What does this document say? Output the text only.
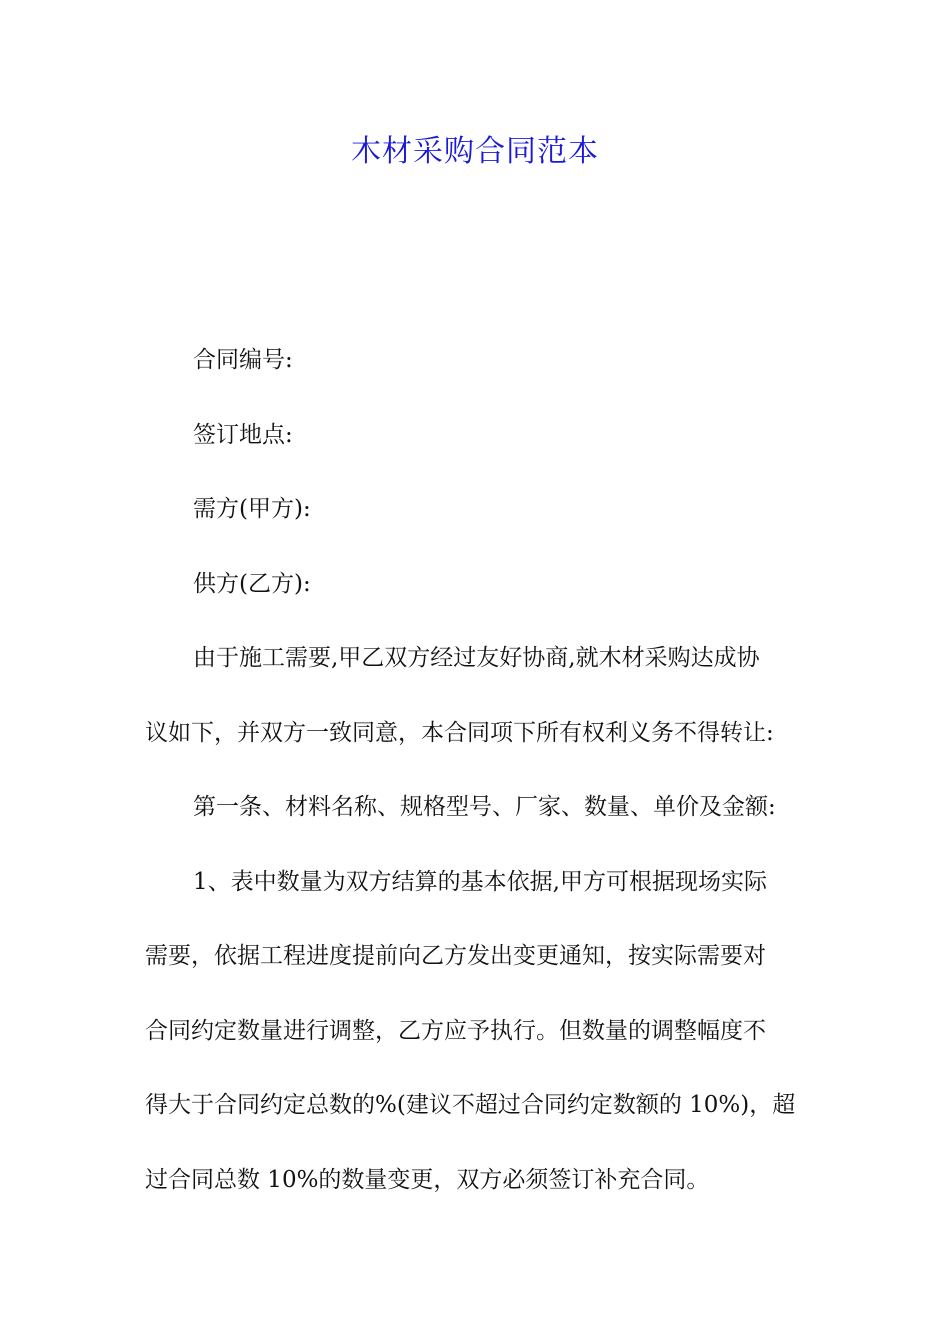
木材采购合同范本
合同编号:
签订地点:
需方(甲方):
供方(乙方):
由于施工需要,甲乙双方经过友好协商,就木材采购达成协
议如下，并双方一致同意，本合同项下所有权利义务不得转让:
第一条、材料名称、规格型号、厂家、数量、单价及金额:
1、表中数量为双方结算的基本依据,甲方可根据现场实际
需要，依据工程进度提前向乙方发出变更通知，按实际需要对
合同约定数量进行调整，乙方应予执行。但数量的调整幅度不
得大于合同约定总数的%(建议不超过合同约定数额的 10%)，超
过合同总数 10%的数量变更，双方必须签订补充合同。
